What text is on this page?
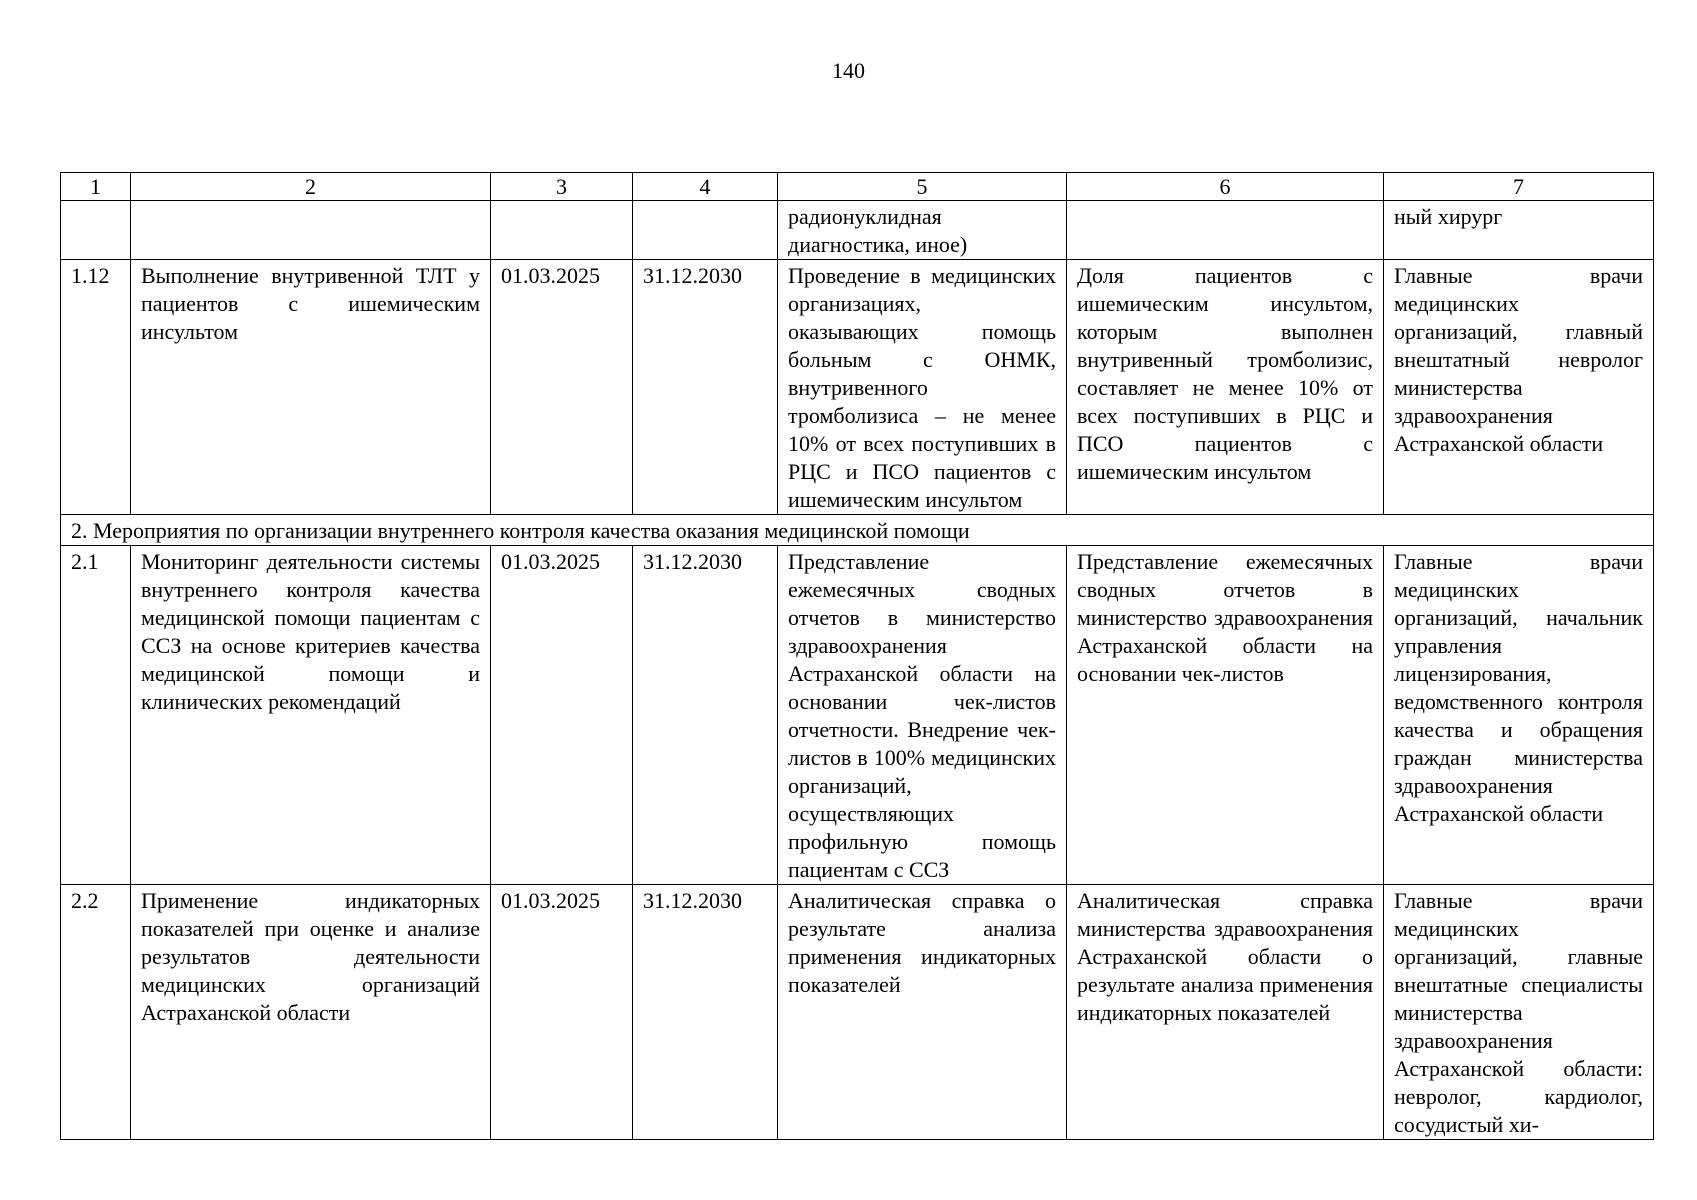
140
1	2	3	4	5	6	7
				радионуклидная диагностика, иное)		ный хирург
1.12	Выполнение внутривенной ТЛТ у пациентов с ишемическим инсультом	01.03.2025	31.12.2030	Проведение в медицинских организациях, оказывающих помощь больным с ОНМК, внутривенного тромболизиса – не менее 10% от всех поступивших в РЦС и ПСО пациентов с ишемическим инсультом	Доля пациентов с ишемическим инсультом, которым выполнен внутривенный тромболизис, составляет не менее 10% от всех поступивших в РЦС и ПСО пациентов с ишемическим инсультом	Главные врачи медицинских организаций, главный внештатный невролог министерства здравоохранения Астраханской области
2. Мероприятия по организации внутреннего контроля качества оказания медицинской помощи						
2.1	Мониторинг деятельности системы внутреннего контроля качества медицинской помощи пациентам с ССЗ на основе критериев качества медицинской помощи и клинических рекомендаций	01.03.2025	31.12.2030	Представление ежемесячных сводных отчетов в министерство здравоохранения Астраханской области на основании чек-листов отчетности. Внедрение чек-листов в 100% медицинских организаций, осуществляющих профильную помощь пациентам с ССЗ	Представление ежемесячных сводных отчетов в министерство здравоохранения Астраханской области на основании чек-листов	Главные врачи медицинских организаций, начальник управления лицензирования, ведомственного контроля качества и обращения граждан министерства здравоохранения Астраханской области
2.2	Применение индикаторных показателей при оценке и анализе результатов деятельности медицинских организаций Астраханской области	01.03.2025	31.12.2030	Аналитическая справка о результате анализа применения индикаторных показателей	Аналитическая справка министерства здравоохранения Астраханской области о результате анализа применения индикаторных показателей	Главные врачи медицинских организаций, главные внештатные специалисты министерства здравоохранения Астраханской области: невролог, кардиолог, сосудистый хи-
